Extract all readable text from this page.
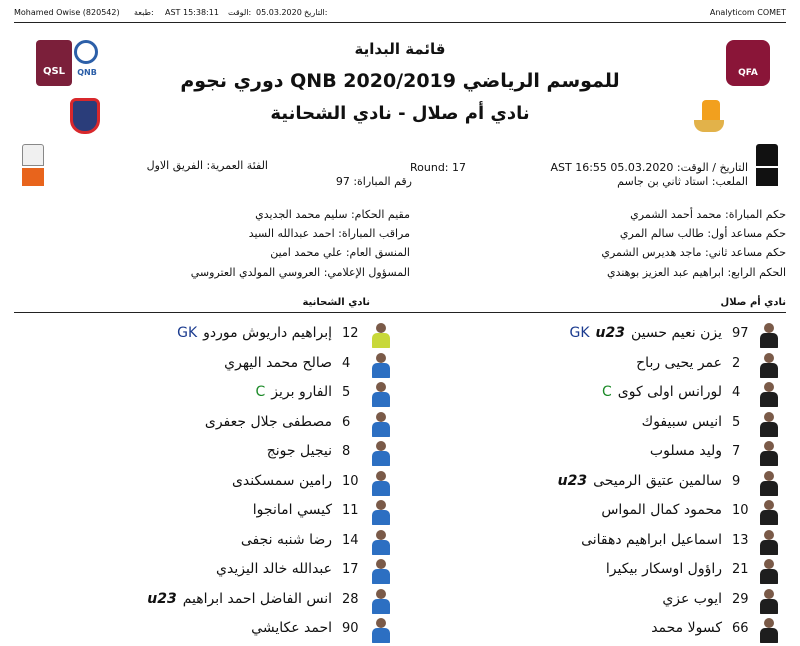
Mohamed Owise (820542) طبعة: AST 15:38:11 الوقت: 05.03.2020 التاريخ:	Analyticom COMET
QSL	QNB	QFA
قائمة البداية
دوري نجوم QNB للموسم الرياضي 2020/2019
نادي أم صلال - نادي الشحانية
التاريخ / الوقت: 05.03.2020 AST 16:55
الملعب: استاد ثاني بن جاسم
Round: 17
رقم المباراة: 97
الفئة العمرية: الفريق الاول
حكم المباراة: محمد أحمد الشمري
حكم مساعد أول: طالب سالم المري
حكم مساعد ثاني: ماجد هديرس الشمري
الحكم الرابع: ابراهيم عبد العزيز بوهندي
مقيم الحكام: سليم محمد الجديدي
مراقب المباراة: احمد عبدالله السيد
المنسق العام: علي محمد امين
المسؤول الإعلامي: العروسي المولدي العتروسي
نادي أم صلال
نادي الشحانية
97
يزن نعيم حسينGK u23
2
عمر يحيى رباح
4
لورانس اولى كوىC
5
انيس سبيفوك
7
وليد مسلوب
9
سالمين عتيق الرميحىu23
10
محمود كمال المواس
13
اسماعيل ابراهيم دهقانى
21
راؤول اوسكار بيكيرا
29
ايوب عزي
66
كسولا محمد
12
إبراهيم داريوش موردوGK
4
صالح محمد اليهري
5
الفارو بريزC
6
مصطفى جلال جعفرى
8
نيجيل جونج
10
رامين سمسكندى
11
كيسي امانجوا
14
رضا شنبه نجفى
17
عبدالله خالد اليزيدي
28
انس الفاضل احمد ابراهيمu23
90
احمد عكايشي
